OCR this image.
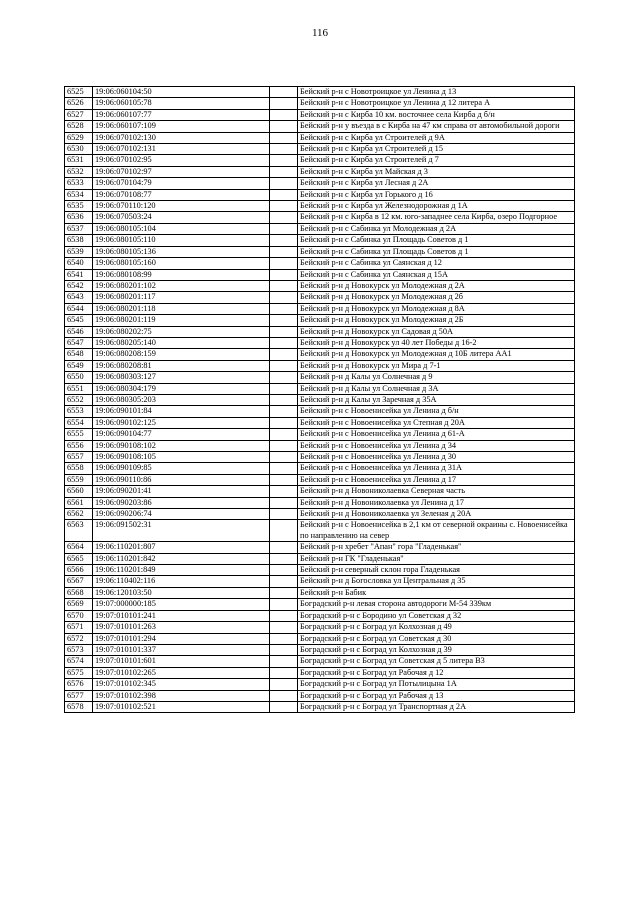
116
6525	19:06:060104:50		Бейский р-н с Новотроицкое ул Ленина д 13
6526	19:06:060105:78		Бейский р-н с Новотроицкое ул Ленина д 12 литера А
6527	19:06:060107:77		Бейский р-н с Кирба 10 км. восточнее села Кирба д б/н
6528	19:06:060107:109		Бейский р-н у въезда в с Кирба на 47 км справа от автомобильной дороги
6529	19:06:070102:130		Бейский р-н с Кирба ул Строителей д 9А
6530	19:06:070102:131		Бейский р-н с Кирба ул Строителей д 15
6531	19:06:070102:95		Бейский р-н с Кирба ул Строителей д 7
6532	19:06:070102:97		Бейский р-н с Кирба ул Майская д 3
6533	19:06:070104:79		Бейский р-н с Кирба ул Лесная д 2А
6534	19:06:070108:77		Бейский р-н с Кирба ул Горького д 16
6535	19:06:070110:120		Бейский р-н с Кирба ул Железнодорожная д 1А
6536	19:06:070503:24		Бейский р-н с Кирба в 12 км. юго-западнее села Кирба, озеро Подгорное
6537	19:06:080105:104		Бейский р-н с Сабинка ул Молодежная д 2А
6538	19:06:080105:110		Бейский р-н с Сабинка ул Площадь Советов д 1
6539	19:06:080105:136		Бейский р-н с Сабинка ул Площадь Советов д 1
6540	19:06:080105:160		Бейский р-н с Сабинка ул Саянская д 12
6541	19:06:080108:99		Бейский р-н с Сабинка ул Саянская д 15А
6542	19:06:080201:102		Бейский р-н д Новокурск ул Молодежная д 2А
6543	19:06:080201:117		Бейский р-н д Новокурск ул Молодежная д 2б
6544	19:06:080201:118		Бейский р-н д Новокурск ул Молодежная д 8А
6545	19:06:080201:119		Бейский р-н д Новокурск ул Молодежная д 2Б
6546	19:06:080202:75		Бейский р-н д Новокурск ул Садовая д 50А
6547	19:06:080205:140		Бейский р-н д Новокурск ул 40 лет Победы д 16-2
6548	19:06:080208:159		Бейский р-н д Новокурск ул Молодежная д 10Б литера АА1
6549	19:06:080208:81		Бейский р-н д Новокурск ул Мира д 7-1
6550	19:06:080303:127		Бейский р-н д Калы ул Солнечная д 9
6551	19:06:080304:179		Бейский р-н д Калы ул Солнечная д 3А
6552	19:06:080305:203		Бейский р-н д Калы ул Заречная д 35А
6553	19:06:090101:84		Бейский р-н с Новоенисейка ул Ленина д б/н
6554	19:06:090102:125		Бейский р-н с Новоенисейка ул Степная д 20А
6555	19:06:090104:77		Бейский р-н с Новоенисейка ул Ленина д 61-А
6556	19:06:090108:102		Бейский р-н с Новоенисейка ул Ленина д 34
6557	19:06:090108:105		Бейский р-н с Новоенисейка ул Ленина д 30
6558	19:06:090109:85		Бейский р-н с Новоенисейка ул Ленина д 31А
6559	19:06:090110:86		Бейский р-н с Новоенисейка ул Ленина д 17
6560	19:06:090201:41		Бейский р-н д Новониколаевка Северная часть
6561	19:06:090203:86		Бейский р-н д Новониколаевка ул Ленина д 17
6562	19:06:090206:74		Бейский р-н д Новониколаевка ул Зеленая д 20А
6563	19:06:091502:31		Бейский р-н с Новоенисейка в 2,1 км от северной окраины с. Новоенисейка по направлению на север
6564	19:06:110201:807		Бейский р-н хребет "Апан" гора "Гладенькая"
6565	19:06:110201:842		Бейский р-н ГК "Гладенькая"
6566	19:06:110201:849		Бейский р-н северный склон гора Гладенькая
6567	19:06:110402:116		Бейский р-н д Богословка ул Центральная д 35
6568	19:06:120103:50		Бейский р-н Бабик
6569	19:07:000000:185		Боградский р-н левая сторона автодороги М-54 339км
6570	19:07:010101:241		Боградский р-н с Бородино ул Советская д 32
6571	19:07:010101:263		Боградский р-н с Боград ул Колхозная д 49
6572	19:07:010101:294		Боградский р-н с Боград ул Советская д 30
6573	19:07:010101:337		Боградский р-н с Боград ул Колхозная д 39
6574	19:07:010101:601		Боградский р-н с Боград ул Советская д 5 литера В3
6575	19:07:010102:265		Боградский р-н с Боград ул Рабочая д 12
6576	19:07:010102:345		Боградский р-н с Боград ул Потылицына 1А
6577	19:07:010102:398		Боградский р-н с Боград ул Рабочая д 13
6578	19:07:010102:521		Боградский р-н с Боград ул Транспортная д 2А
